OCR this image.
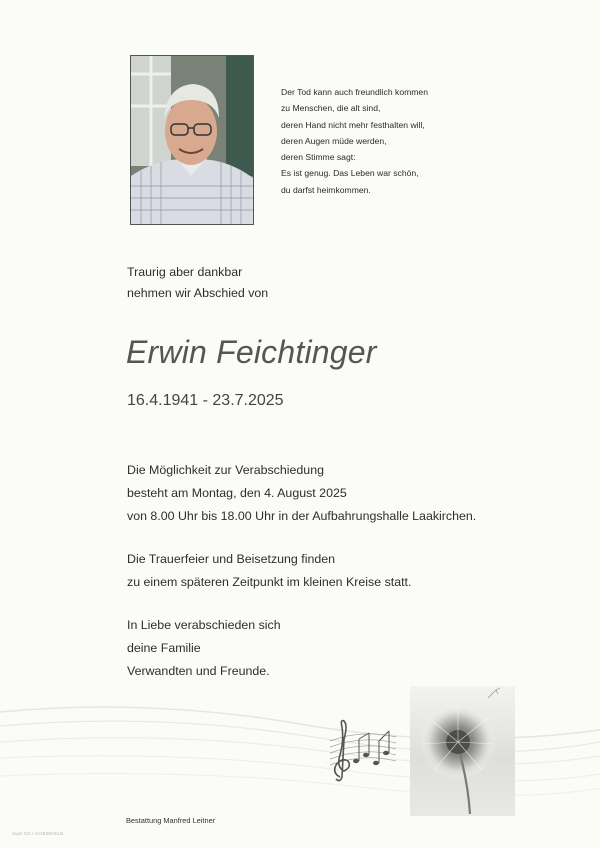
Der Tod kann auch freundlich kommen
zu Menschen, die alt sind,
deren Hand nicht mehr festhalten will,
deren Augen müde werden,
deren Stimme sagt:
Es ist genug. Das Leben war schön,
du darfst heimkommen.
Traurig aber dankbar
nehmen wir Abschied von
Erwin Feichtinger
16.4.1941 - 23.7.2025
Die Möglichkeit zur Verabschiedung
besteht am Montag, den 4. August 2025
von 8.00 Uhr bis 18.00 Uhr in der Aufbahrungshalle Laakirchen.
Die Trauerfeier und Beisetzung finden
zu einem späteren Zeitpunkt im kleinen Kreise statt.
In Liebe verabschieden sich
deine Familie
Verwandten und Freunde.
Bestattung Manfred Leitner
Sujet 115 / 4U2B6BOKLB
